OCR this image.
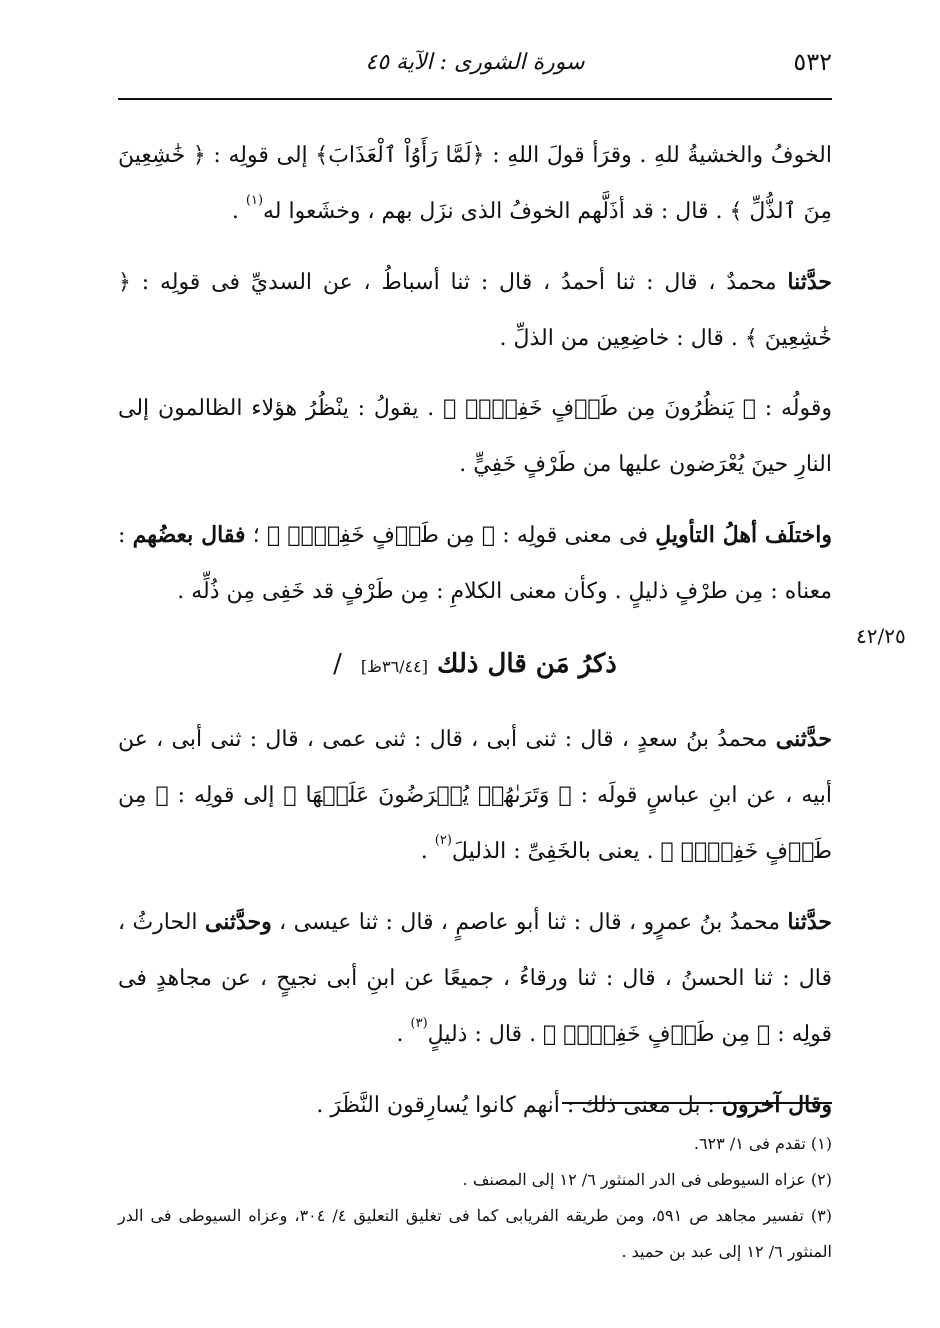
٥٣٢
سورة الشورى : الآية ٤٥
٤٢/٢٥

الخوفُ والخشيةُ للهِ . وقرَأ قولَ اللهِ : ﴿لَمَّا رَأَوُاْ ٱلْعَذَابَ﴾ إلى قولِه : ﴿ خَٰشِعِينَ مِنَ ٱلذُّلِّ ﴾ . قال : قد أذَلَّهم الخوفُ الذى نزَل بهم ، وخشَعوا له$^{(١)}$ .

حدَّثنا محمدٌ ، قال : ثنا أحمدُ ، قال : ثنا أسباطُ ، عن السديِّ فى قولِه : ﴿ خَٰشِعِينَ ﴾ . قال : خاضِعِين من الذلِّ .

وقولُه : ﴿ يَنظُرُونَ مِن طَرۡفٍ خَفِيٍّۗ ﴾ . يقولُ : ينْظُرُ هؤلاء الظالمون إلى النارِ حينَ يُعْرَضون عليها من طَرْفٍ خَفِيٍّ .

واختلَف أهلُ التأويلِ فى معنى قولِه : ﴿ مِن طَرۡفٍ خَفِيٍّۗ ﴾ ؛ فقال بعضُهم : معناه : مِن طرْفٍ ذليلٍ . وكأن معنى الكلامِ : مِن طَرْفٍ قد خَفِى مِن ذُلِّه .

ذكرُ مَن قال ذلك [٣٦/٤٤ظ] /

حدَّثنى محمدُ بنُ سعدٍ ، قال : ثنى أبى ، قال : ثنى عمى ، قال : ثنى أبى ، عن أبيه ، عن ابنِ عباسٍ قولَه : ﴿ وَتَرَىٰهُمۡ يُعۡرَضُونَ عَلَيۡهَا ﴾ إلى قولِه : ﴿ مِن طَرۡفٍ خَفِيٍّۗ ﴾ . يعنى بالخَفِىِّ : الذليلَ$^{(٢)}$ .

حدَّثنا محمدُ بنُ عمرٍو ، قال : ثنا أبو عاصمٍ ، قال : ثنا عيسى ، وحدَّثنى الحارثُ ، قال : ثنا الحسنُ ، قال : ثنا ورقاءُ ، جميعًا عن ابنِ أبى نجيحٍ ، عن مجاهدٍ فى قولِه : ﴿ مِن طَرۡفٍ خَفِيٍّۗ ﴾ . قال : ذليلٍ$^{(٣)}$ .

وقال آخرون : بل معنى ذلك : أنهم كانوا يُسارِقون النَّظَرَ .

(١) تقدم فى ١/ ٦٢٣.

(٢) عزاه السيوطى فى الدر المنثور ٦/ ١٢ إلى المصنف .

(٣) تفسير مجاهد ص ٥٩١، ومن طريقه الفريابى كما فى تغليق التعليق ٤/ ٣٠٤، وعزاه السيوطى فى الدر المنثور ٦/ ١٢ إلى عبد بن حميد .
